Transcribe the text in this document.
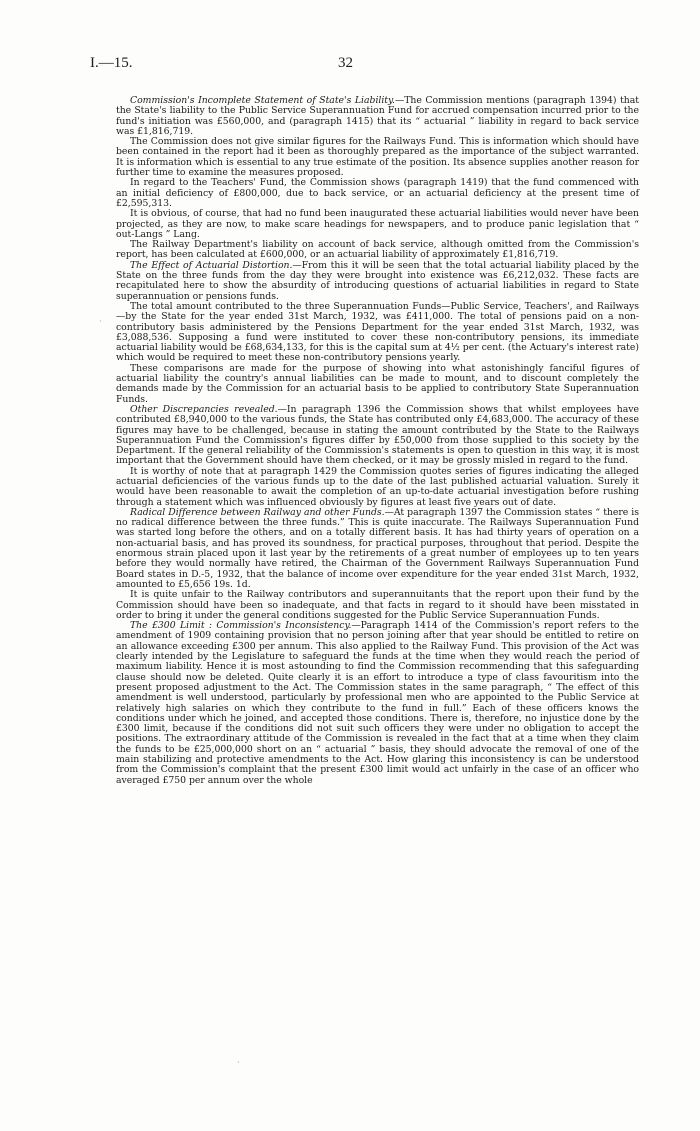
I.—15.	32
·
·

Commission's Incomplete Statement of State's Liability.—The Commission mentions (paragraph 1394) that the State's liability to the Public Service Superannuation Fund for accrued compensation incurred prior to the fund's initiation was £560,000, and (paragraph 1415) that its “ actuarial ” liability in regard to back service was £1,816,719.

The Commission does not give similar figures for the Railways Fund. This is information which should have been contained in the report had it been as thoroughly prepared as the importance of the subject warranted. It is information which is essential to any true estimate of the position. Its absence supplies another reason for further time to examine the measures proposed.

In regard to the Teachers' Fund, the Commission shows (paragraph 1419) that the fund commenced with an initial deficiency of £800,000, due to back service, or an actuarial deficiency at the present time of £2,595,313.

It is obvious, of course, that had no fund been inaugurated these actuarial liabilities would never have been projected, as they are now, to make scare headings for newspapers, and to produce panic legislation that “ out-Langs ” Lang.

The Railway Department's liability on account of back service, although omitted from the Commission's report, has been calculated at £600,000, or an actuarial liability of approximately £1,816,719.

The Effect of Actuarial Distortion.—From this it will be seen that the total actuarial liability placed by the State on the three funds from the day they were brought into existence was £6,212,032. These facts are recapitulated here to show the absurdity of introducing questions of actuarial liabilities in regard to State superannuation or pensions funds.

The total amount contributed to the three Superannuation Funds—Public Service, Teachers', and Railways—by the State for the year ended 31st March, 1932, was £411,000. The total of pensions paid on a non-contributory basis administered by the Pensions Department for the year ended 31st March, 1932, was £3,088,536. Supposing a fund were instituted to cover these non-contributory pensions, its immediate actuarial liability would be £68,634,133, for this is the capital sum at 4½ per cent. (the Actuary's interest rate) which would be required to meet these non-contributory pensions yearly.

These comparisons are made for the purpose of showing into what astonishingly fanciful figures of actuarial liability the country's annual liabilities can be made to mount, and to discount completely the demands made by the Commission for an actuarial basis to be applied to contributory State Superannuation Funds.

Other Discrepancies revealed.—In paragraph 1396 the Commission shows that whilst employees have contributed £8,940,000 to the various funds, the State has contributed only £4,683,000. The accuracy of these figures may have to be challenged, because in stating the amount contributed by the State to the Railways Superannuation Fund the Commission's figures differ by £50,000 from those supplied to this society by the Department. If the general reliability of the Commission's statements is open to question in this way, it is most important that the Government should have them checked, or it may be grossly misled in regard to the fund.

It is worthy of note that at paragraph 1429 the Commission quotes series of figures indicating the alleged actuarial deficiencies of the various funds up to the date of the last published actuarial valuation. Surely it would have been reasonable to await the completion of an up-to-date actuarial investigation before rushing through a statement which was influenced obviously by figures at least five years out of date.

Radical Difference between Railway and other Funds.—At paragraph 1397 the Commission states “ there is no radical difference between the three funds.” This is quite inaccurate. The Railways Superannuation Fund was started long before the others, and on a totally different basis. It has had thirty years of operation on a non-actuarial basis, and has proved its soundness, for practical purposes, throughout that period. Despite the enormous strain placed upon it last year by the retirements of a great number of employees up to ten years before they would normally have retired, the Chairman of the Government Railways Superannuation Fund Board states in D.-5, 1932, that the balance of income over expenditure for the year ended 31st March, 1932, amounted to £5,656 19s. 1d.

It is quite unfair to the Railway contributors and superannuitants that the report upon their fund by the Commission should have been so inadequate, and that facts in regard to it should have been misstated in order to bring it under the general conditions suggested for the Public Service Superannuation Funds.

The £300 Limit : Commission's Inconsistency.—Paragraph 1414 of the Commission's report refers to the amendment of 1909 containing provision that no person joining after that year should be entitled to retire on an allowance exceeding £300 per annum. This also applied to the Railway Fund. This provision of the Act was clearly intended by the Legislature to safeguard the funds at the time when they would reach the period of maximum liability. Hence it is most astounding to find the Commission recommending that this safeguarding clause should now be deleted. Quite clearly it is an effort to introduce a type of class favouritism into the present proposed adjustment to the Act. The Commission states in the same paragraph, “ The effect of this amendment is well understood, particularly by professional men who are appointed to the Public Service at relatively high salaries on which they contribute to the fund in full.” Each of these officers knows the conditions under which he joined, and accepted those conditions. There is, therefore, no injustice done by the £300 limit, because if the conditions did not suit such officers they were under no obligation to accept the positions. The extraordinary attitude of the Commission is revealed in the fact that at a time when they claim the funds to be £25,000,000 short on an “ actuarial ” basis, they should advocate the removal of one of the main stabilizing and protective amendments to the Act. How glaring this inconsistency is can be understood from the Commission's complaint that the present £300 limit would act unfairly in the case of an officer who averaged £750 per annum over the whole
